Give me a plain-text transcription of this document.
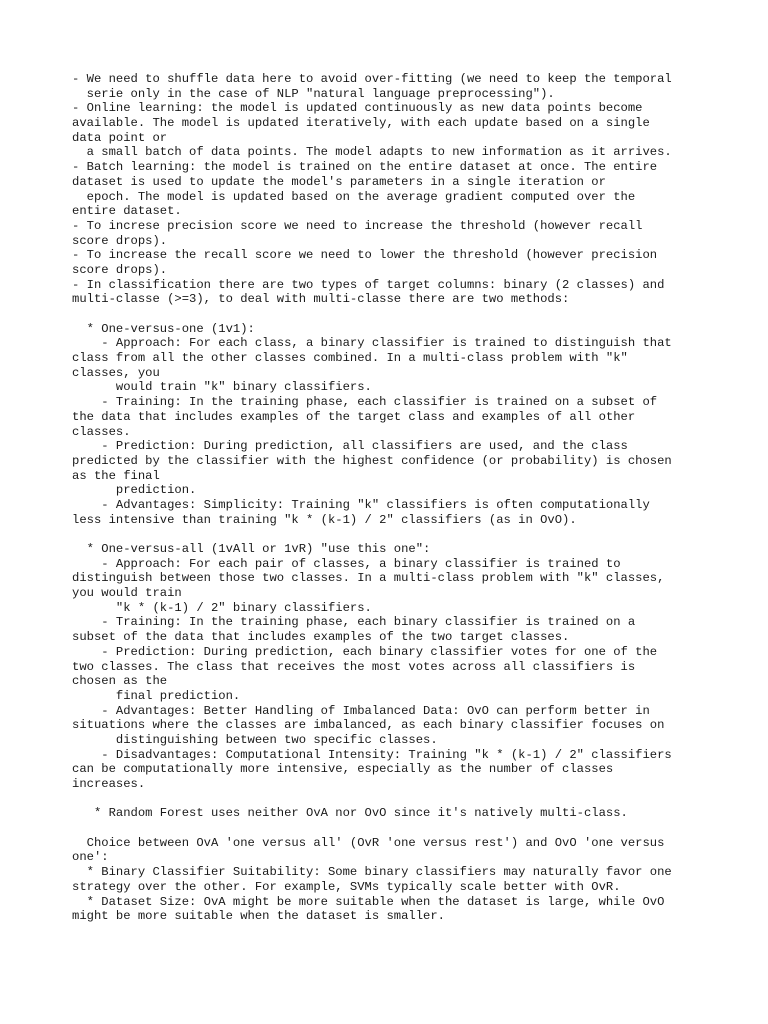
- We need to shuffle data here to avoid over-fitting (we need to keep the temporal
serie only in the case of NLP "natural language preprocessing").
- Online learning: the model is updated continuously as new data points become
available. The model is updated iteratively, with each update based on a single
data point or
a small batch of data points. The model adapts to new information as it arrives.
- Batch learning: the model is trained on the entire dataset at once. The entire
dataset is used to update the model's parameters in a single iteration or
epoch. The model is updated based on the average gradient computed over the
entire dataset.
- To increse precision score we need to increase the threshold (however recall
score drops).
- To increase the recall score we need to lower the threshold (however precision
score drops).
- In classification there are two types of target columns: binary (2 classes) and
multi-classe (>=3), to deal with multi-classe there are two methods:
* One-versus-one (1v1):
- Approach: For each class, a binary classifier is trained to distinguish that
class from all the other classes combined. In a multi-class problem with "k"
classes, you
would train "k" binary classifiers.
- Training: In the training phase, each classifier is trained on a subset of
the data that includes examples of the target class and examples of all other
classes.
- Prediction: During prediction, all classifiers are used, and the class
predicted by the classifier with the highest confidence (or probability) is chosen
as the final
prediction.
- Advantages: Simplicity: Training "k" classifiers is often computationally
less intensive than training "k * (k-1) / 2" classifiers (as in OvO).
* One-versus-all (1vAll or 1vR) "use this one":
- Approach: For each pair of classes, a binary classifier is trained to
distinguish between those two classes. In a multi-class problem with "k" classes,
you would train
"k * (k-1) / 2" binary classifiers.
- Training: In the training phase, each binary classifier is trained on a
subset of the data that includes examples of the two target classes.
- Prediction: During prediction, each binary classifier votes for one of the
two classes. The class that receives the most votes across all classifiers is
chosen as the
final prediction.
- Advantages: Better Handling of Imbalanced Data: OvO can perform better in
situations where the classes are imbalanced, as each binary classifier focuses on
distinguishing between two specific classes.
- Disadvantages: Computational Intensity: Training "k * (k-1) / 2" classifiers
can be computationally more intensive, especially as the number of classes
increases.
* Random Forest uses neither OvA nor OvO since it's natively multi-class.
Choice between OvA 'one versus all' (OvR 'one versus rest') and OvO 'one versus
one':
* Binary Classifier Suitability: Some binary classifiers may naturally favor one
strategy over the other. For example, SVMs typically scale better with OvR.
* Dataset Size: OvA might be more suitable when the dataset is large, while OvO
might be more suitable when the dataset is smaller.
